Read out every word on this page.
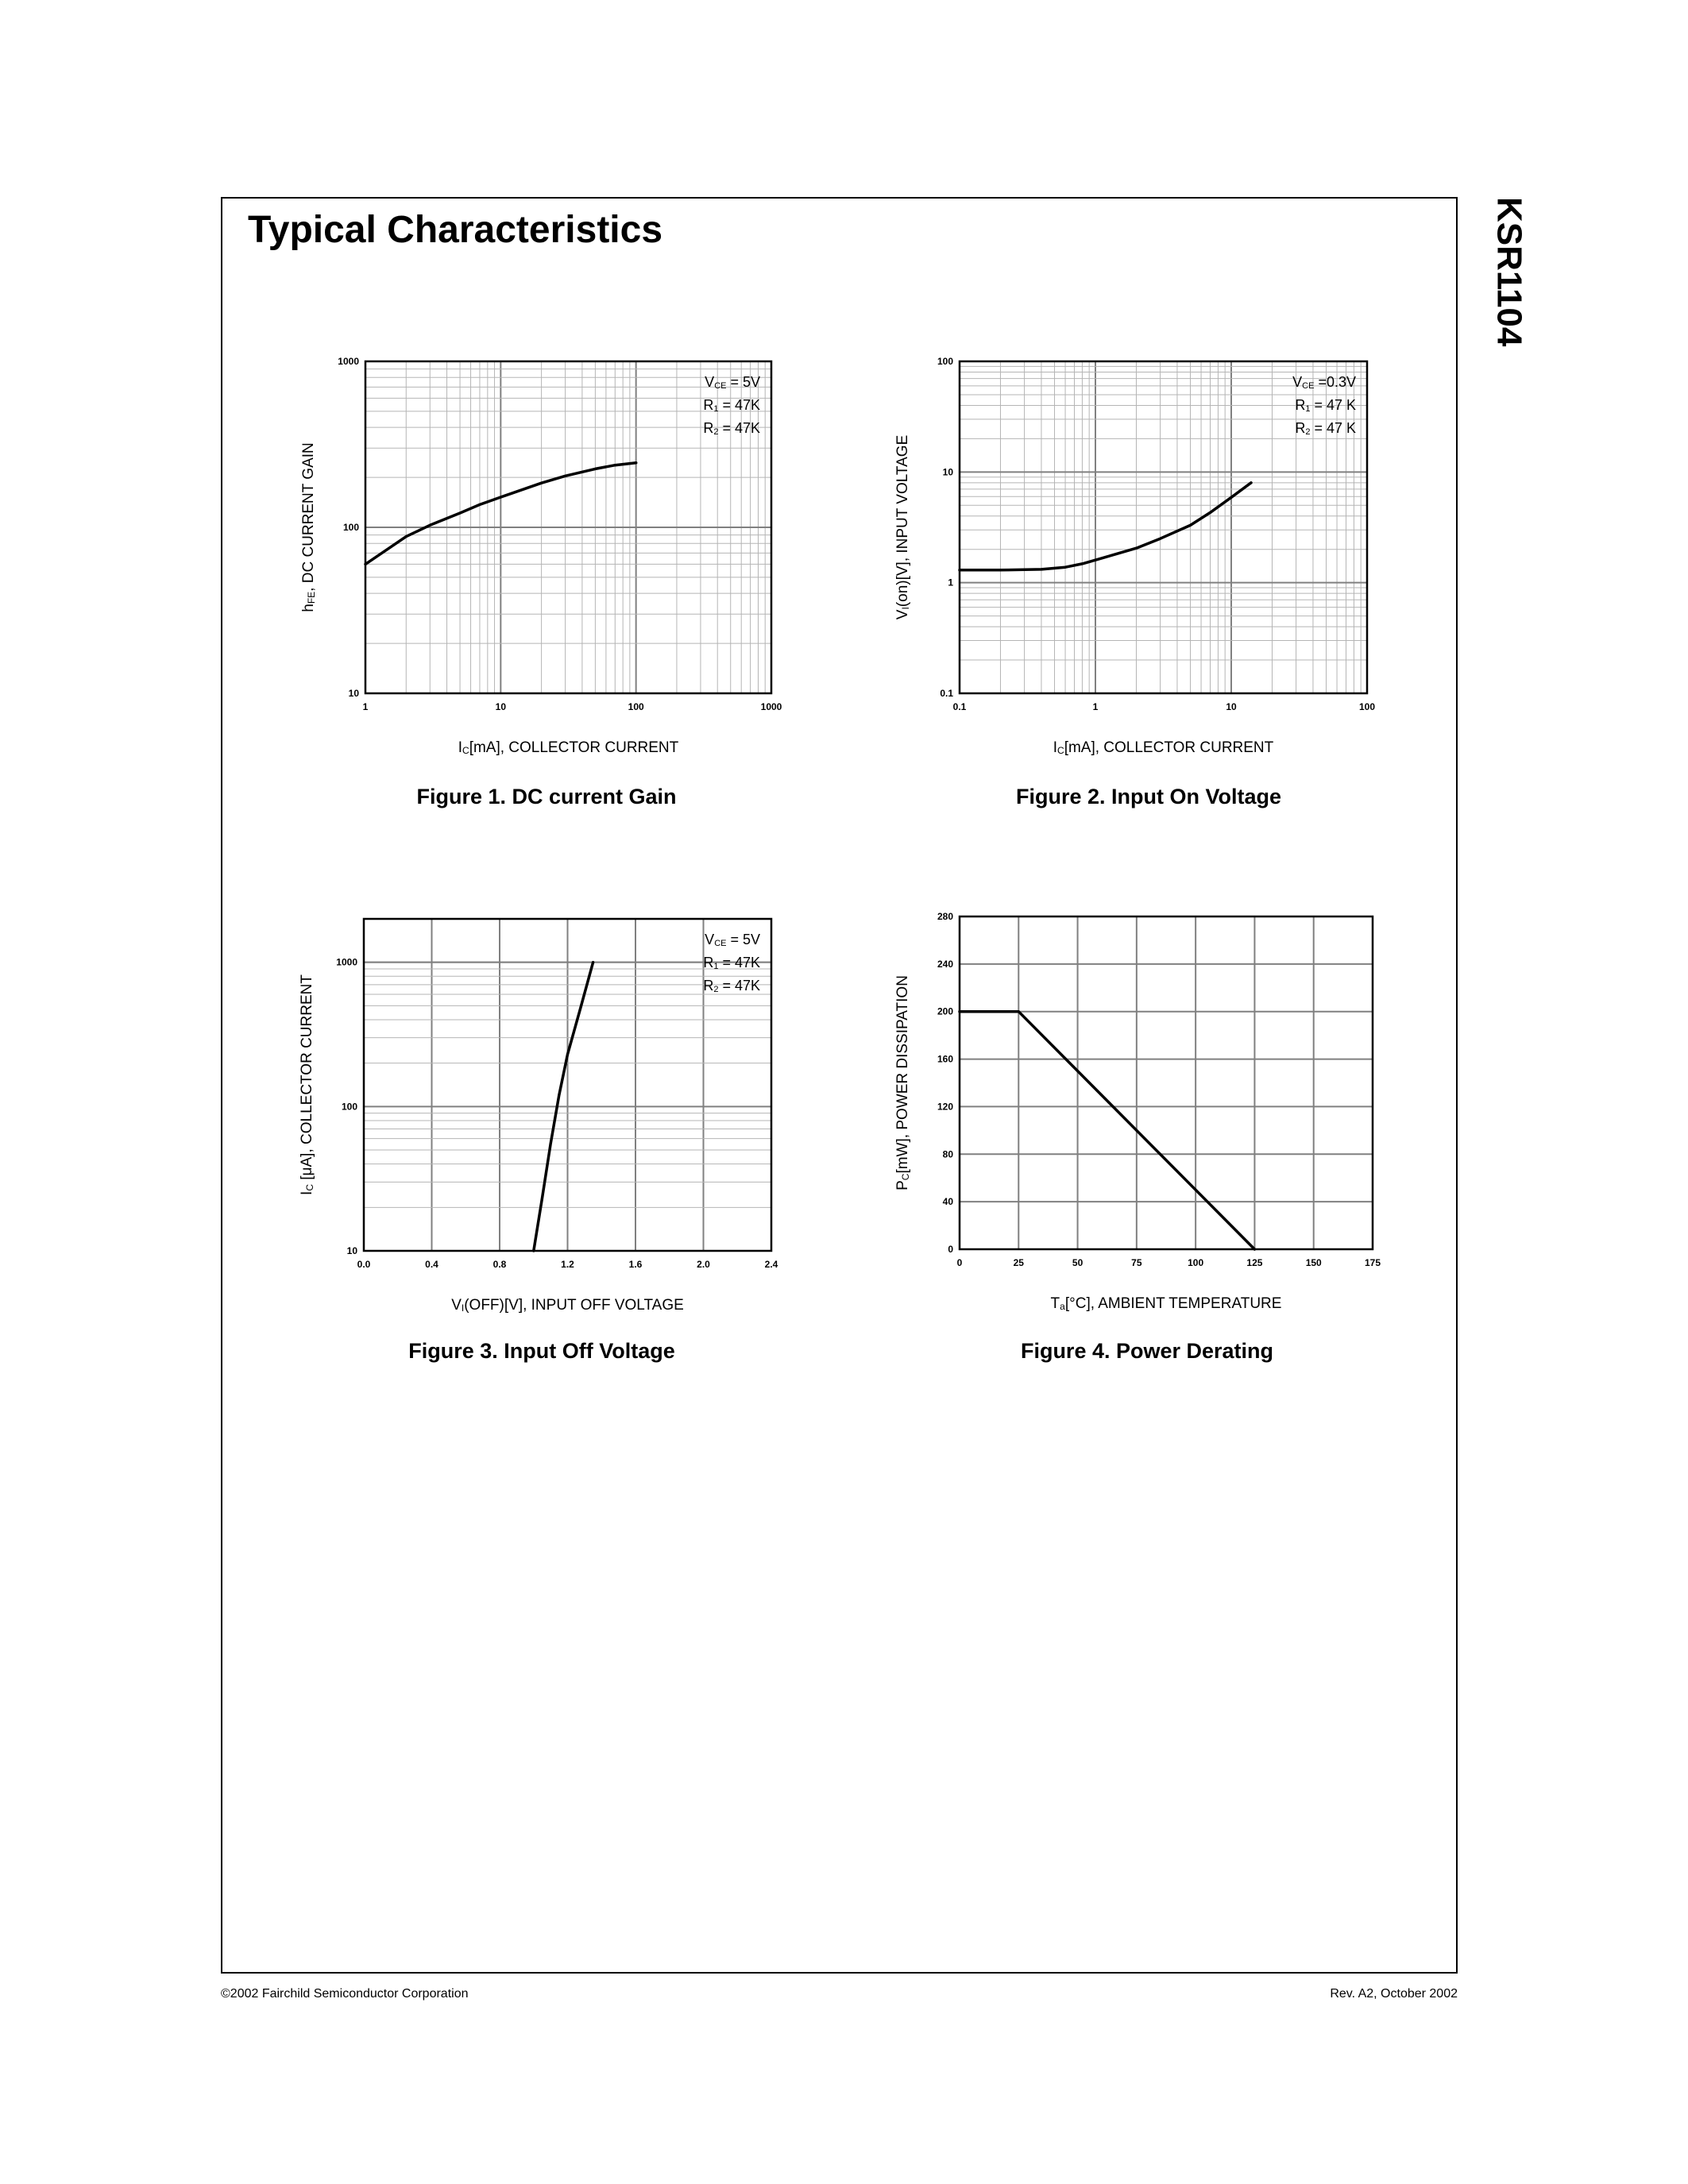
Typical Characteristics	KSR1104
©2002 Fairchild Semiconductor Corporation	Rev. A2, October 2002
1	10	100	1000
10
100
1000
IC[mA], COLLECTOR CURRENT
hFE, DC CURRENT GAIN
VCE = 5V
R1 = 47K
R2 = 47K
0.1	1	10	100
0.1
1
10
100
IC[mA], COLLECTOR CURRENT
VI(on)[V], INPUT VOLTAGE
VCE =0.3V
R1 = 47 K
R2 = 47 K
0.0	0.4	0.8	1.2	1.6	2.0	2.4
10
100
1000
VI(OFF)[V], INPUT OFF VOLTAGE
IC [μA], COLLECTOR CURRENT
VCE = 5V
R1 = 47K
R2 = 47K
0	25	50	75	100	125	150	175
0
40
80
120
160
200
240
280
Ta[°C], AMBIENT TEMPERATURE
PC[mW], POWER DISSIPATION
Figure 1. DC current Gain	Figure 2. Input On Voltage
Figure 3. Input Off Voltage	Figure 4. Power Derating
